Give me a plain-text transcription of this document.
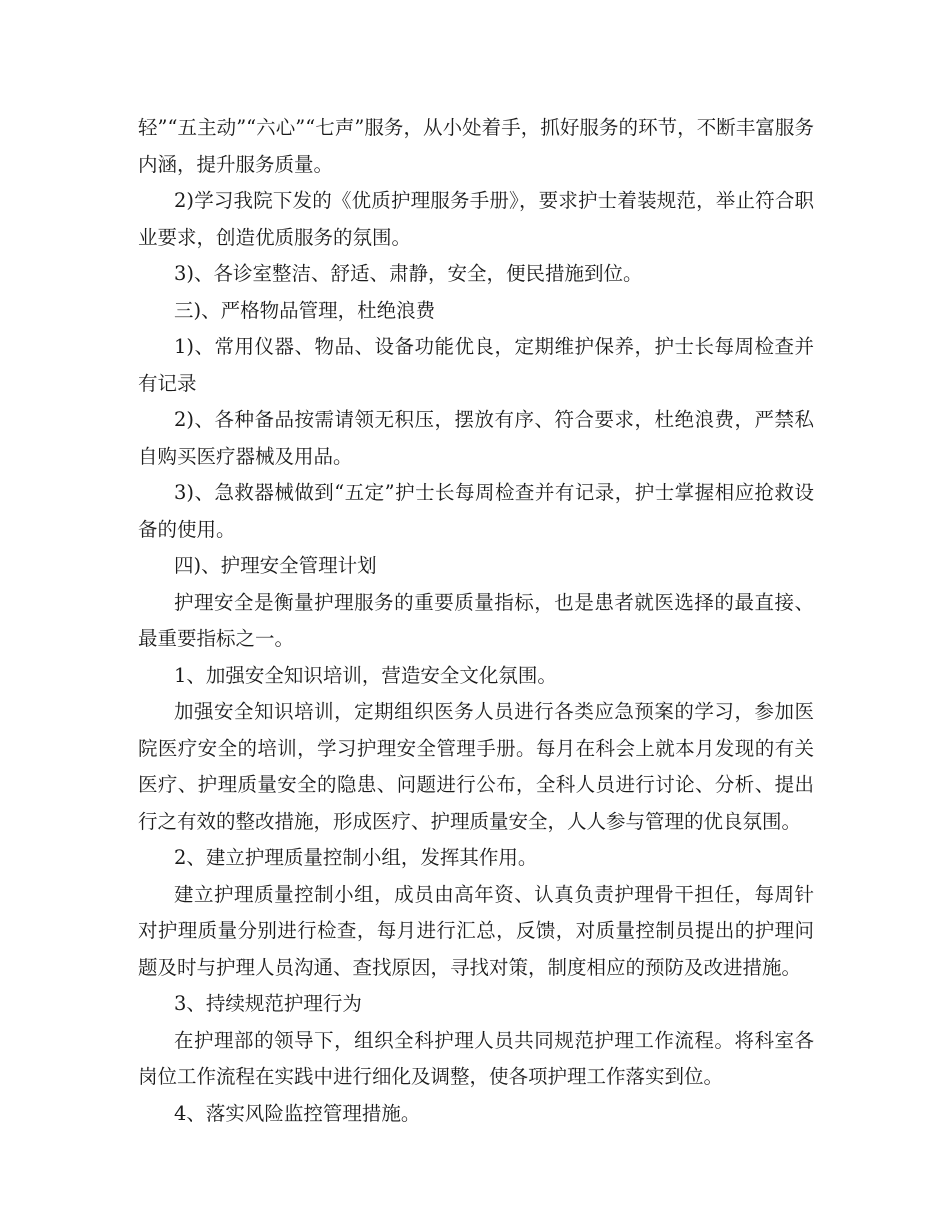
轻”“五主动”“六心”“七声”服务，从小处着手，抓好服务的环节，不断丰富服务内涵，提升服务质量。

2)学习我院下发的《优质护理服务手册》，要求护士着装规范，举止符合职业要求，创造优质服务的氛围。

3)、各诊室整洁、舒适、肃静，安全，便民措施到位。

三)、严格物品管理，杜绝浪费

1)、常用仪器、物品、设备功能优良，定期维护保养，护士长每周检查并有记录

2)、各种备品按需请领无积压，摆放有序、符合要求，杜绝浪费，严禁私自购买医疗器械及用品。

3)、急救器械做到“五定”护士长每周检查并有记录，护士掌握相应抢救设备的使用。

四)、护理安全管理计划

护理安全是衡量护理服务的重要质量指标，也是患者就医选择的最直接、最重要指标之一。

1、加强安全知识培训，营造安全文化氛围。

加强安全知识培训，定期组织医务人员进行各类应急预案的学习，参加医院医疗安全的培训，学习护理安全管理手册。每月在科会上就本月发现的有关医疗、护理质量安全的隐患、问题进行公布，全科人员进行讨论、分析、提出行之有效的整改措施，形成医疗、护理质量安全，人人参与管理的优良氛围。

2、建立护理质量控制小组，发挥其作用。

建立护理质量控制小组，成员由高年资、认真负责护理骨干担任，每周针对护理质量分别进行检查，每月进行汇总，反馈，对质量控制员提出的护理问题及时与护理人员沟通、查找原因，寻找对策，制度相应的预防及改进措施。

3、持续规范护理行为

在护理部的领导下，组织全科护理人员共同规范护理工作流程。将科室各岗位工作流程在实践中进行细化及调整，使各项护理工作落实到位。

4、落实风险监控管理措施。
